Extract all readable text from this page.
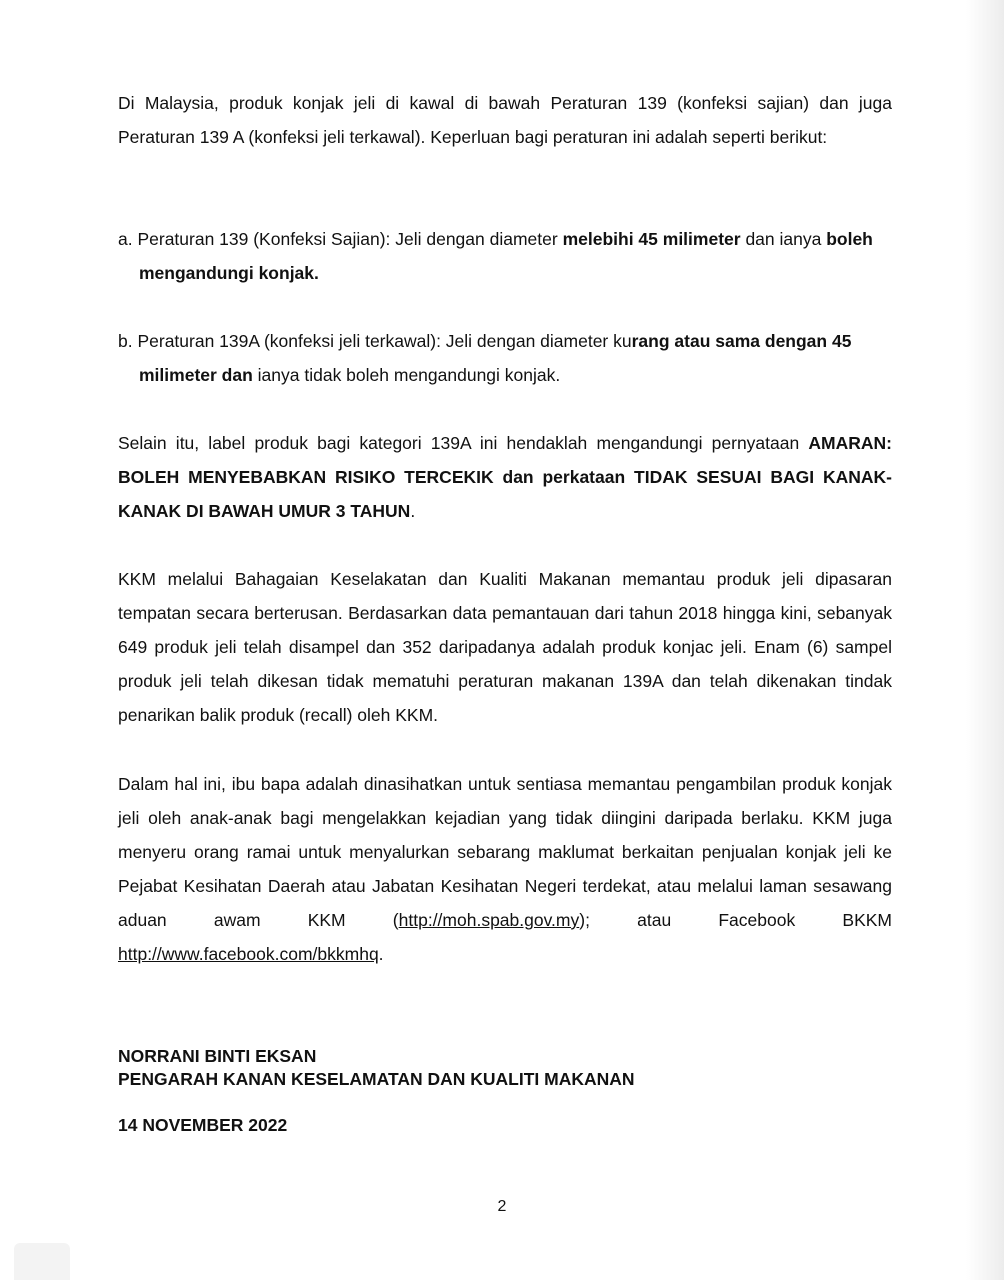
Di Malaysia, produk konjak jeli di kawal di bawah Peraturan 139 (konfeksi sajian) dan juga Peraturan 139 A (konfeksi jeli terkawal). Keperluan bagi peraturan ini adalah seperti berikut:

a. Peraturan 139 (Konfeksi Sajian): Jeli dengan diameter melebihi 45 milimeter dan ianya boleh mengandungi konjak.

b. Peraturan 139A (konfeksi jeli terkawal): Jeli dengan diameter kurang atau sama dengan 45 milimeter dan ianya tidak boleh mengandungi konjak.

Selain itu, label produk bagi kategori 139A ini hendaklah mengandungi pernyataan AMARAN: BOLEH MENYEBABKAN RISIKO TERCEKIK dan perkataan TIDAK SESUAI BAGI KANAK-KANAK DI BAWAH UMUR 3 TAHUN.

KKM melalui Bahagaian Keselakatan dan Kualiti Makanan memantau produk jeli dipasaran tempatan secara berterusan. Berdasarkan data pemantauan dari tahun 2018 hingga kini, sebanyak 649 produk jeli telah disampel dan 352 daripadanya adalah produk konjac jeli. Enam (6) sampel produk jeli telah dikesan tidak mematuhi peraturan makanan 139A dan telah dikenakan tindak penarikan balik produk (recall) oleh KKM.

Dalam hal ini, ibu bapa adalah dinasihatkan untuk sentiasa memantau pengambilan produk konjak jeli oleh anak-anak bagi mengelakkan kejadian yang tidak diingini daripada berlaku. KKM juga menyeru orang ramai untuk menyalurkan sebarang maklumat berkaitan penjualan konjak jeli ke Pejabat Kesihatan Daerah atau Jabatan Kesihatan Negeri terdekat, atau melalui laman sesawang aduan awam KKM (http://moh.spab.gov.my); atau Facebook BKKM http://www.facebook.com/bkkmhq.

NORRANI BINTI EKSAN

PENGARAH KANAN KESELAMATAN DAN KUALITI MAKANAN

14 NOVEMBER 2022

2
